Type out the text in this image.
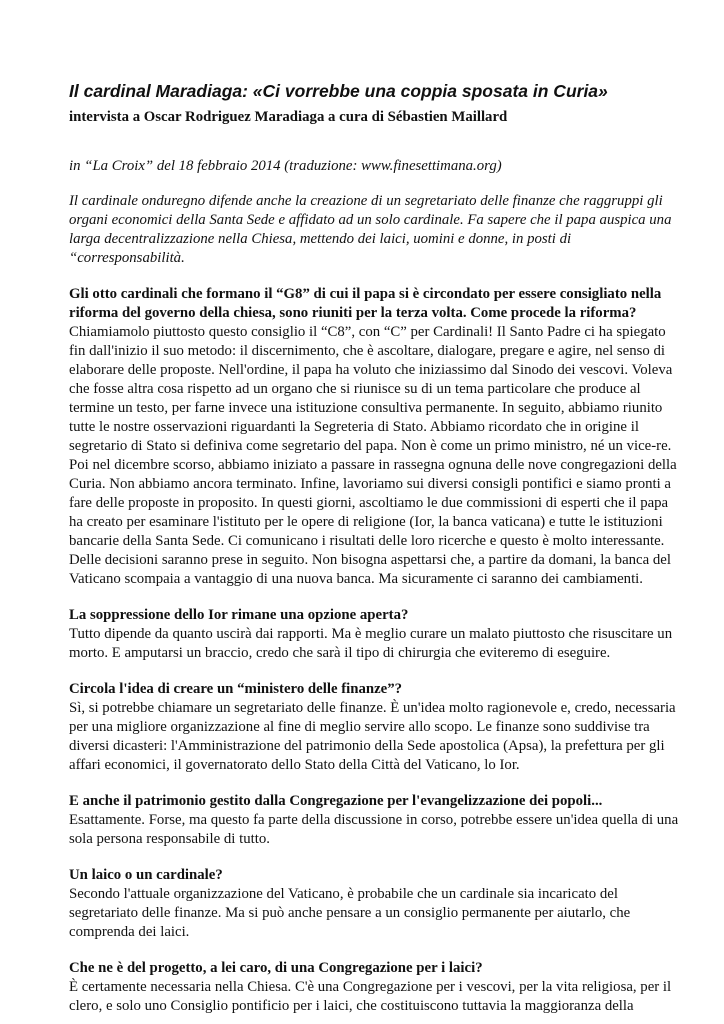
Il cardinal Maradiaga: «Ci vorrebbe una coppia sposata in Curia»

intervista a Oscar Rodriguez Maradiaga a cura di Sébastien Maillard

in “La Croix” del 18 febbraio 2014 (traduzione: www.finesettimana.org)

Il cardinale onduregno difende anche la creazione di un segretariato delle finanze che raggruppi gli organi economici della Santa Sede e affidato ad un solo cardinale. Fa sapere che il papa auspica una larga decentralizzazione nella Chiesa, mettendo dei laici, uomini e donne, in posti di “corresponsabilità.

Gli otto cardinali che formano il “G8” di cui il papa si è circondato per essere consigliato nella riforma del governo della chiesa, sono riuniti per la terza volta. Come procede la riforma?

Chiamiamolo piuttosto questo consiglio il “C8”, con “C” per Cardinali! Il Santo Padre ci ha spiegato fin dall'inizio il suo metodo: il discernimento, che è ascoltare, dialogare, pregare e agire, nel senso di elaborare delle proposte. Nell'ordine, il papa ha voluto che iniziassimo dal Sinodo dei vescovi. Voleva che fosse altra cosa rispetto ad un organo che si riunisce su di un tema particolare che produce al termine un testo, per farne invece una istituzione consultiva permanente. In seguito, abbiamo riunito tutte le nostre osservazioni riguardanti la Segreteria di Stato. Abbiamo ricordato che in origine il segretario di Stato si definiva come segretario del papa. Non è come un primo ministro, né un vice-re. Poi nel dicembre scorso, abbiamo iniziato a passare in rassegna ognuna delle nove congregazioni della Curia. Non abbiamo ancora terminato. Infine, lavoriamo sui diversi consigli pontifici e siamo pronti a fare delle proposte in proposito. In questi giorni, ascoltiamo le due commissioni di esperti che il papa ha creato per esaminare l'istituto per le opere di religione (Ior, la banca vaticana) e tutte le istituzioni bancarie della Santa Sede. Ci comunicano i risultati delle loro ricerche e questo è molto interessante. Delle decisioni saranno prese in seguito. Non bisogna aspettarsi che, a partire da domani, la banca del Vaticano scompaia a vantaggio di una nuova banca. Ma sicuramente ci saranno dei cambiamenti.

La soppressione dello Ior rimane una opzione aperta?

Tutto dipende da quanto uscirà dai rapporti. Ma è meglio curare un malato piuttosto che risuscitare un morto. E amputarsi un braccio, credo che sarà il tipo di chirurgia che eviteremo di eseguire.

Circola l'idea di creare un “ministero delle finanze”?

Sì, si potrebbe chiamare un segretariato delle finanze. È un'idea molto ragionevole e, credo, necessaria per una migliore organizzazione al fine di meglio servire allo scopo. Le finanze sono suddivise tra diversi dicasteri: l'Amministrazione del patrimonio della Sede apostolica (Apsa), la prefettura per gli affari economici, il governatorato dello Stato della Città del Vaticano, lo Ior.

E anche il patrimonio gestito dalla Congregazione per l'evangelizzazione dei popoli...

Esattamente. Forse, ma questo fa parte della discussione in corso, potrebbe essere un'idea quella di una sola persona responsabile di tutto.

Un laico o un cardinale?

Secondo l'attuale organizzazione del Vaticano, è probabile che un cardinale sia incaricato del segretariato delle finanze. Ma si può anche pensare a un consiglio permanente per aiutarlo, che comprenda dei laici.

Che ne è del progetto, a lei caro, di una Congregazione per i laici?

È certamente necessaria nella Chiesa. C'è una Congregazione per i vescovi, per la vita religiosa, per il clero, e solo uno Consiglio pontificio per i laici, che costituiscono tuttavia la maggioranza della
